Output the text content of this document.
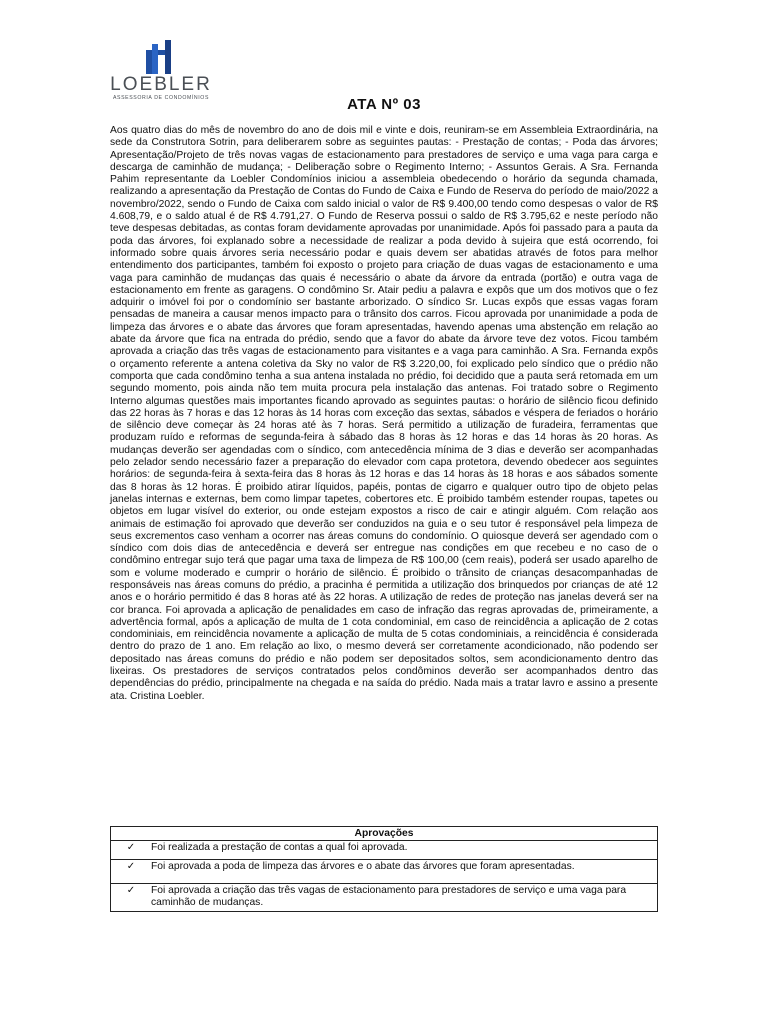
LOEBLER
ASSESSORIA DE CONDOMÍNIOS	ATA Nº 03

Aos quatro dias do mês de novembro do ano de dois mil e vinte e dois, reuniram-se em Assembleia Extraordinária, na sede da Construtora Sotrin, para deliberarem sobre as seguintes pautas: - Prestação de contas; - Poda das árvores; Apresentação/Projeto de três novas vagas de estacionamento para prestadores de serviço e uma vaga para carga e descarga de caminhão de mudança; - Deliberação sobre o Regimento Interno; - Assuntos Gerais. A Sra. Fernanda Pahim representante da Loebler Condomínios iniciou a assembleia obedecendo o horário da segunda chamada, realizando a apresentação da Prestação de Contas do Fundo de Caixa e Fundo de Reserva do período de maio/2022 a novembro/2022, sendo o Fundo de Caixa com saldo inicial o valor de R$ 9.400,00 tendo como despesas o valor de R$ 4.608,79, e o saldo atual é de R$ 4.791,27. O Fundo de Reserva possui o saldo de R$ 3.795,62 e neste período não teve despesas debitadas, as contas foram devidamente aprovadas por unanimidade. Após foi passado para a pauta da poda das árvores, foi explanado sobre a necessidade de realizar a poda devido à sujeira que está ocorrendo, foi informado sobre quais árvores seria necessário podar e quais devem ser abatidas através de fotos para melhor entendimento dos participantes, também foi exposto o projeto para criação de duas vagas de estacionamento e uma vaga para caminhão de mudanças das quais é necessário o abate da árvore da entrada (portão) e outra vaga de estacionamento em frente as garagens. O condômino Sr. Atair pediu a palavra e expôs que um dos motivos que o fez adquirir o imóvel foi por o condomínio ser bastante arborizado. O síndico Sr. Lucas expôs que essas vagas foram pensadas de maneira a causar menos impacto para o trânsito dos carros. Ficou aprovada por unanimidade a poda de limpeza das árvores e o abate das árvores que foram apresentadas, havendo apenas uma abstenção em relação ao abate da árvore que fica na entrada do prédio, sendo que a favor do abate da árvore teve dez votos. Ficou também aprovada a criação das três vagas de estacionamento para visitantes e a vaga para caminhão. A Sra. Fernanda expôs o orçamento referente a antena coletiva da Sky no valor de R$ 3.220,00, foi explicado pelo síndico que o prédio não comporta que cada condômino tenha a sua antena instalada no prédio, foi decidido que a pauta será retomada em um segundo momento, pois ainda não tem muita procura pela instalação das antenas. Foi tratado sobre o Regimento Interno algumas questões mais importantes ficando aprovado as seguintes pautas: o horário de silêncio ficou definido das 22 horas às 7 horas e das 12 horas às 14 horas com exceção das sextas, sábados e véspera de feriados o horário de silêncio deve começar às 24 horas até às 7 horas. Será permitido a utilização de furadeira, ferramentas que produzam ruído e reformas de segunda-feira à sábado das 8 horas às 12 horas e das 14 horas às 20 horas. As mudanças deverão ser agendadas com o síndico, com antecedência mínima de 3 dias e deverão ser acompanhadas pelo zelador sendo necessário fazer a preparação do elevador com capa protetora, devendo obedecer aos seguintes horários: de segunda-feira à sexta-feira das 8 horas às 12 horas e das 14 horas às 18 horas e aos sábados somente das 8 horas às 12 horas. É proibido atirar líquidos, papéis, pontas de cigarro e qualquer outro tipo de objeto pelas janelas internas e externas, bem como limpar tapetes, cobertores etc. É proibido também estender roupas, tapetes ou objetos em lugar visível do exterior, ou onde estejam expostos a risco de cair e atingir alguém. Com relação aos animais de estimação foi aprovado que deverão ser conduzidos na guia e o seu tutor é responsável pela limpeza de seus excrementos caso venham a ocorrer nas áreas comuns do condomínio. O quiosque deverá ser agendado com o síndico com dois dias de antecedência e deverá ser entregue nas condições em que recebeu e no caso de o condômino entregar sujo terá que pagar uma taxa de limpeza de R$ 100,00 (cem reais), poderá ser usado aparelho de som e volume moderado e cumprir o horário de silêncio. É proibido o trânsito de crianças desacompanhadas de responsáveis nas áreas comuns do prédio, a pracinha é permitida a utilização dos brinquedos por crianças de até 12 anos e o horário permitido é das 8 horas até às 22 horas. A utilização de redes de proteção nas janelas deverá ser na cor branca. Foi aprovada a aplicação de penalidades em caso de infração das regras aprovadas de, primeiramente, a advertência formal, após a aplicação de multa de 1 cota condominial, em caso de reincidência a aplicação de 2 cotas condominiais, em reincidência novamente a aplicação de multa de 5 cotas condominiais, a reincidência é considerada dentro do prazo de 1 ano. Em relação ao lixo, o mesmo deverá ser corretamente acondicionado, não podendo ser depositado nas áreas comuns do prédio e não podem ser depositados soltos, sem acondicionamento dentro das lixeiras. Os prestadores de serviços contratados pelos condôminos deverão ser acompanhados dentro das dependências do prédio, principalmente na chegada e na saída do prédio. Nada mais a tratar lavro e assino a presente ata. Cristina Loebler.

Aprovações	
✓	Foi realizada a prestação de contas a qual foi aprovada.
✓	Foi aprovada a poda de limpeza das árvores e o abate das árvores que foram apresentadas.
✓	Foi aprovada a criação das três vagas de estacionamento para prestadores de serviço e uma vaga para caminhão de mudanças.
